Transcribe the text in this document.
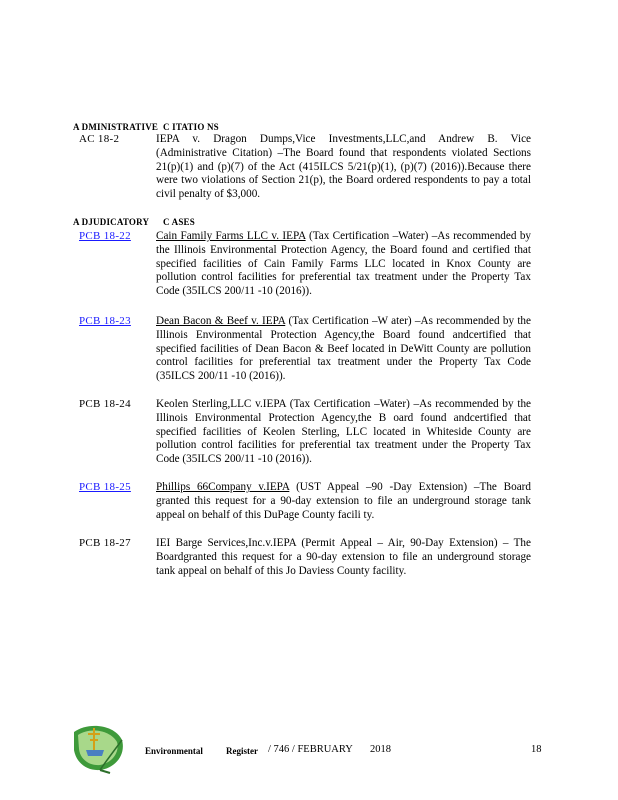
A DMINISTRATIVE C ITATIO NS
AC 18-2	IEPA v. Dragon Dumps,Vice Investments,LLC,and Andrew B. Vice (Administrative Citation) –The Board found that respondents violated Sections 21(p)(1) and (p)(7) of the Act (415ILCS 5/21(p)(1), (p)(7) (2016)).Because there were two violations of Section 21(p), the Board ordered respondents to pay a total civil penalty of $3,000.
A DJUDICATORY C ASES
PCB 18-22 Cain Family Farms LLC v. IEPA (Tax Certification –Water) –As recommended by the Illinois Environmental Protection Agency, the Board found and certified that specified facilities of Cain Family Farms LLC located in Knox County are pollution control facilities for preferential tax treatment under the Property Tax Code (35ILCS 200/11 -10 (2016)).
PCB 18-23 Dean Bacon & Beef v. IEPA (Tax Certification –W ater) –As recommended by the Illinois Environmental Protection Agency,the Board found andcertified that specified facilities of Dean Bacon & Beef located in DeWitt County are pollution control facilities for preferential tax treatment under the Property Tax Code (35ILCS 200/11 -10 (2016)).
PCB 18-24 Keolen Sterling,LLC v.IEPA (Tax Certification –Water) –As recommended by the Illinois Environmental Protection Agency,the B oard found andcertified that specified facilities of Keolen Sterling, LLC located in Whiteside County are pollution control facilities for preferential tax treatment under the Property Tax Code (35ILCS 200/11 -10 (2016)).
PCB 18-25 Phillips 66Company v.IEPA (UST Appeal –90 -Day Extension) –The Board granted this request for a 90-day extension to file an underground storage tank appeal on behalf of this DuPage County facili ty.
PCB 18-27 IEI Barge Services,Inc.v.IEPA (Permit Appeal – Air, 90-Day Extension) – The Boardgranted this request for a 90-day extension to file an underground storage tank appeal on behalf of this Jo Daviess County facility.
Environmental	Register / 746 / FEBRUARY 2018	18
